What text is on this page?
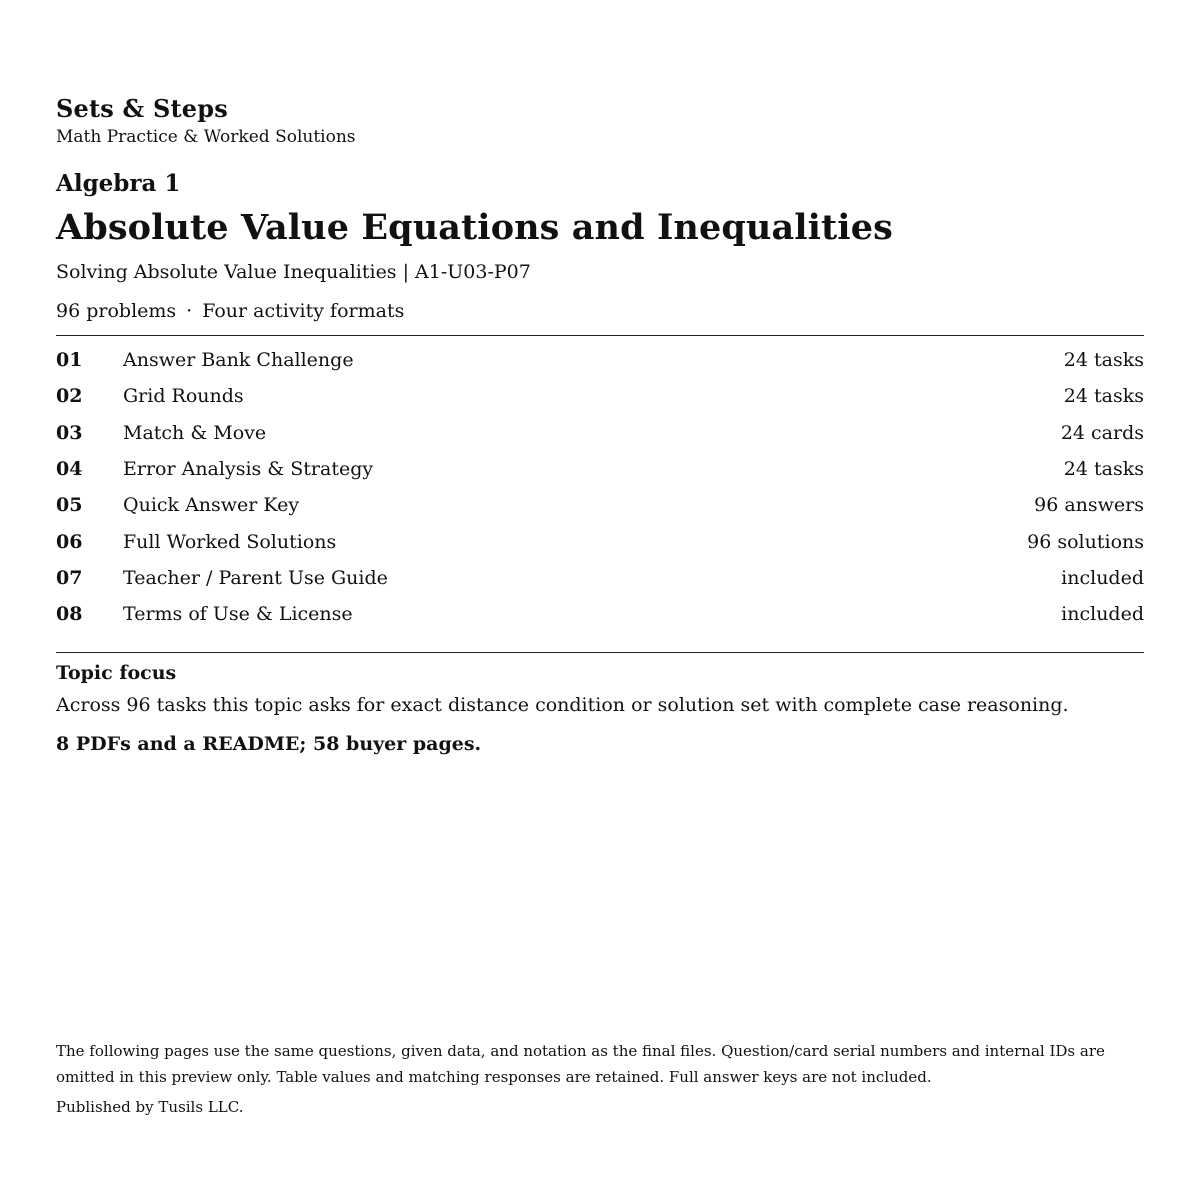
Sets & Steps
Math Practice & Worked Solutions
Algebra 1
Absolute Value Equations and Inequalities
Solving Absolute Value Inequalities | A1-U03-P07
96 problems · Four activity formats
01	Answer Bank Challenge	24 tasks
02	Grid Rounds	24 tasks
03	Match & Move	24 cards
04	Error Analysis & Strategy	24 tasks
05	Quick Answer Key	96 answers
06	Full Worked Solutions	96 solutions
07	Teacher / Parent Use Guide	included
08	Terms of Use & License	included
Topic focus
Across 96 tasks this topic asks for exact distance condition or solution set with complete case reasoning.
8 PDFs and a README; 58 buyer pages.
The following pages use the same questions, given data, and notation as the final files. Question/card serial numbers and internal IDs are omitted in this preview only. Table values and matching responses are retained. Full answer keys are not included.
Published by Tusils LLC.
